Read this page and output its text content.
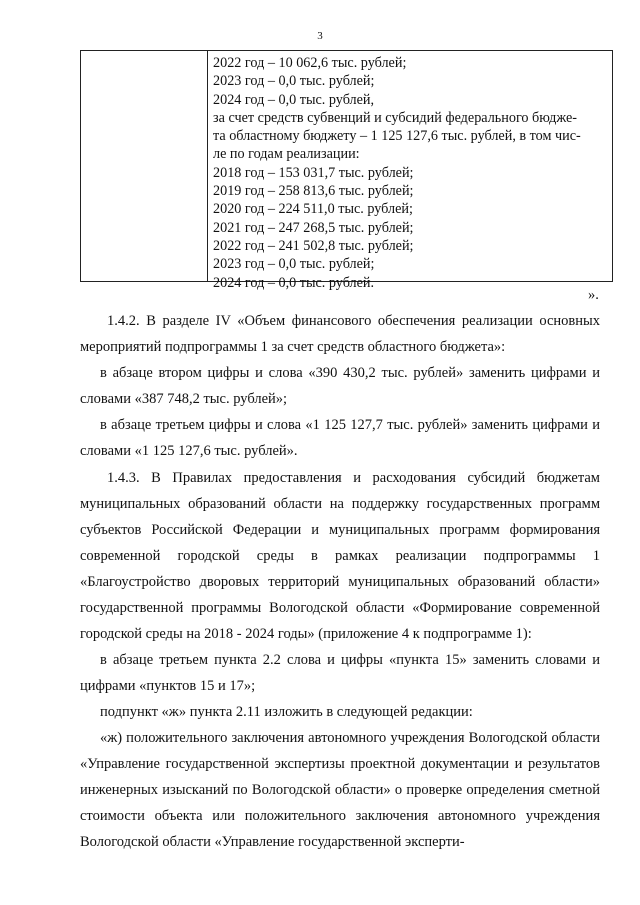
3
2022 год – 10 062,6 тыс. рублей;
2023 год – 0,0 тыс. рублей;
2024 год – 0,0 тыс. рублей,
за счет средств субвенций и субсидий федерального бюдже-
та областному бюджету – 1 125 127,6 тыс. рублей, в том чис-
ле по годам реализации:
2018 год – 153 031,7 тыс. рублей;
2019 год – 258 813,6 тыс. рублей;
2020 год – 224 511,0 тыс. рублей;
2021 год – 247 268,5 тыс. рублей;
2022 год – 241 502,8 тыс. рублей;
2023 год – 0,0 тыс. рублей;
2024 год – 0,0 тыс. рублей.
».

1.4.2. В разделе IV «Объем финансового обеспечения реализации основных мероприятий подпрограммы 1 за счет средств областного бюджета»:

в абзаце втором цифры и слова «390 430,2 тыс. рублей» заменить цифрами и словами «387 748,2 тыс. рублей»;

в абзаце третьем цифры и слова «1 125 127,7 тыс. рублей» заменить цифрами и словами «1 125 127,6 тыс. рублей».

1.4.3. В Правилах предоставления и расходования субсидий бюджетам муниципальных образований области на поддержку государственных программ субъектов Российской Федерации и муниципальных программ формирования современной городской среды в рамках реализации подпрограммы 1 «Благоустройство дворовых территорий муниципальных образований области» государственной программы Вологодской области «Формирование современной городской среды на 2018 - 2024 годы» (приложение 4 к подпрограмме 1):

в абзаце третьем пункта 2.2 слова и цифры «пункта 15» заменить словами и цифрами «пунктов 15 и 17»;

подпункт «ж» пункта 2.11 изложить в следующей редакции:

«ж) положительного заключения автономного учреждения Вологодской области «Управление государственной экспертизы проектной документации и результатов инженерных изысканий по Вологодской области» о проверке определения сметной стоимости объекта или положительного заключения автономного учреждения Вологодской области «Управление государственной эксперти-
